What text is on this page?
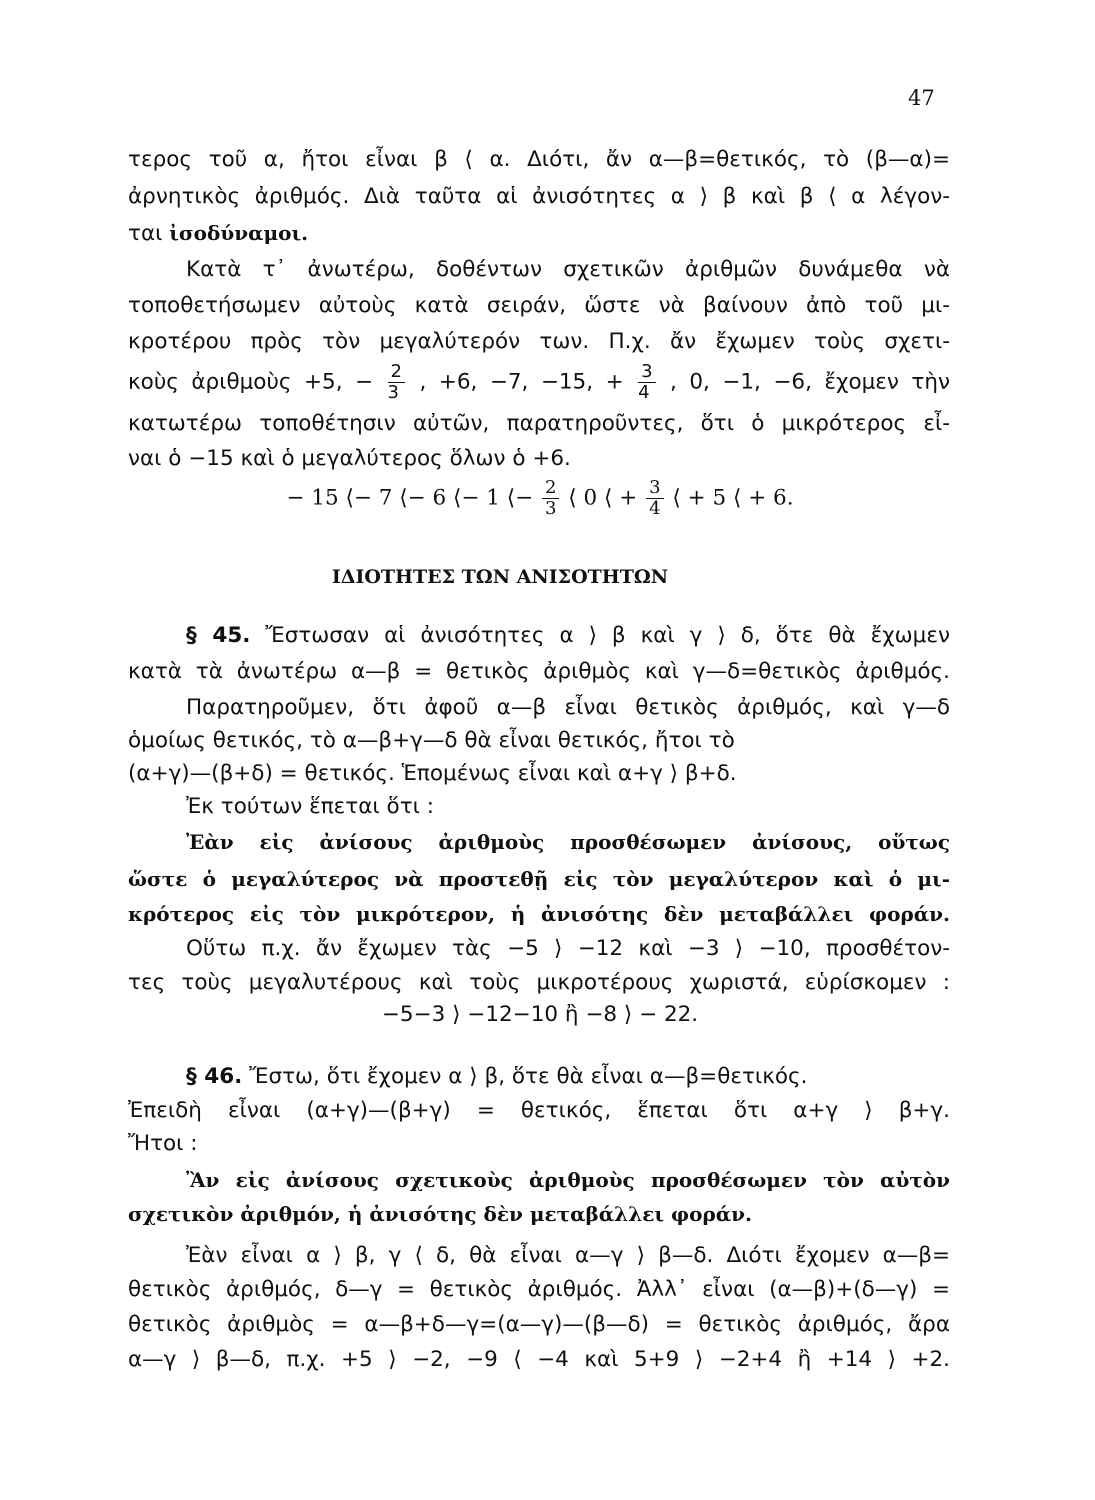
47
τερος τοῦ α, ἤτοι εἶναι β ⟨ α. Διότι, ἄν α—β=θετικός, τὸ (β—α)=
ἀρνητικὸς ἀριθμός. Διὰ ταῦτα αἱ ἀνισότητες α ⟩ β καὶ β ⟨ α λέγον-
ται ἰσοδύναμοι.
Κατὰ τ᾿ ἀνωτέρω, δοθέντων σχετικῶν ἀριθμῶν δυνάμεθα νὰ
τοποθετήσωμεν αὐτοὺς κατὰ σειράν, ὥστε νὰ βαίνουν ἀπὸ τοῦ μι-
κροτέρου πρὸς τὸν μεγαλύτερόν των. Π.χ. ἄν ἔχωμεν τοὺς σχετι-
κοὺς ἀριθμοὺς +5, − $\frac{2}{3}$ , +6, −7, −15, + $\frac{3}{4}$ , 0, −1, −6, ἔχομεν τὴν
κατωτέρω τοποθέτησιν αὐτῶν, παρατηροῦντες, ὅτι ὁ μικρότερος εἶ-
ναι ὁ −15 καὶ ὁ μεγαλύτερος ὅλων ὁ +6.
− 15 ⟨− 7 ⟨− 6 ⟨− 1 ⟨− $\frac{2}{3}$ ⟨ 0 ⟨ + $\frac{3}{4}$ ⟨ + 5 ⟨ + 6.
ΙΔΙΟΤΗΤΕΣ ΤΩΝ ΑΝΙΣΟΤΗΤΩΝ
§ 45. Ἔστωσαν αἱ ἀνισότητες α ⟩ β καὶ γ ⟩ δ, ὅτε θὰ ἔχωμεν
κατὰ τὰ ἀνωτέρω α—β = θετικὸς ἀριθμὸς καὶ γ—δ=θετικὸς ἀριθμός.
Παρατηροῦμεν, ὅτι ἀφοῦ α—β εἶναι θετικὸς ἀριθμός, καὶ γ—δ
ὁμοίως θετικός, τὸ α—β+γ—δ θὰ εἶναι θετικός, ἤτοι τὸ
(α+γ)—(β+δ) = θετικός. Ἑπομένως εἶναι καὶ α+γ ⟩ β+δ.
Ἐκ τούτων ἕπεται ὅτι :
Ἐὰν εἰς ἀνίσους ἀριθμοὺς προσθέσωμεν ἀνίσους, οὕτως
ὥστε ὁ μεγαλύτερος νὰ προστεθῇ εἰς τὸν μεγαλύτερον καὶ ὁ μι-
κρότερος εἰς τὸν μικρότερον, ἡ ἀνισότης δὲν μεταβάλλει φοράν.
Οὕτω π.χ. ἄν ἔχωμεν τὰς −5 ⟩ −12 καὶ −3 ⟩ −10, προσθέτον-
τες τοὺς μεγαλυτέρους καὶ τοὺς μικροτέρους χωριστά, εὑρίσκομεν :
−5−3 ⟩ −12−10 ἢ −8 ⟩ − 22.
§ 46. Ἔστω, ὅτι ἔχομεν α ⟩ β, ὅτε θὰ εἶναι α—β=θετικός.
Ἐπειδὴ εἶναι (α+γ)—(β+γ) = θετικός, ἕπεται ὅτι α+γ ⟩ β+γ.
Ἤτοι :
Ἂν εἰς ἀνίσους σχετικοὺς ἀριθμοὺς προσθέσωμεν τὸν αὐτὸν
σχετικὸν ἀριθμόν, ἡ ἀνισότης δὲν μεταβάλλει φοράν.
Ἐὰν εἶναι α ⟩ β, γ ⟨ δ, θὰ εἶναι α—γ ⟩ β—δ. Διότι ἔχομεν α—β=
θετικὸς ἀριθμός, δ—γ = θετικὸς ἀριθμός. Ἀλλ᾿ εἶναι (α—β)+(δ—γ) =
θετικὸς ἀριθμὸς = α—β+δ—γ=(α—γ)—(β—δ) = θετικὸς ἀριθμός, ἄρα
α—γ ⟩ β—δ, π.χ. +5 ⟩ −2, −9 ⟨ −4 καὶ 5+9 ⟩ −2+4 ἢ +14 ⟩ +2.
